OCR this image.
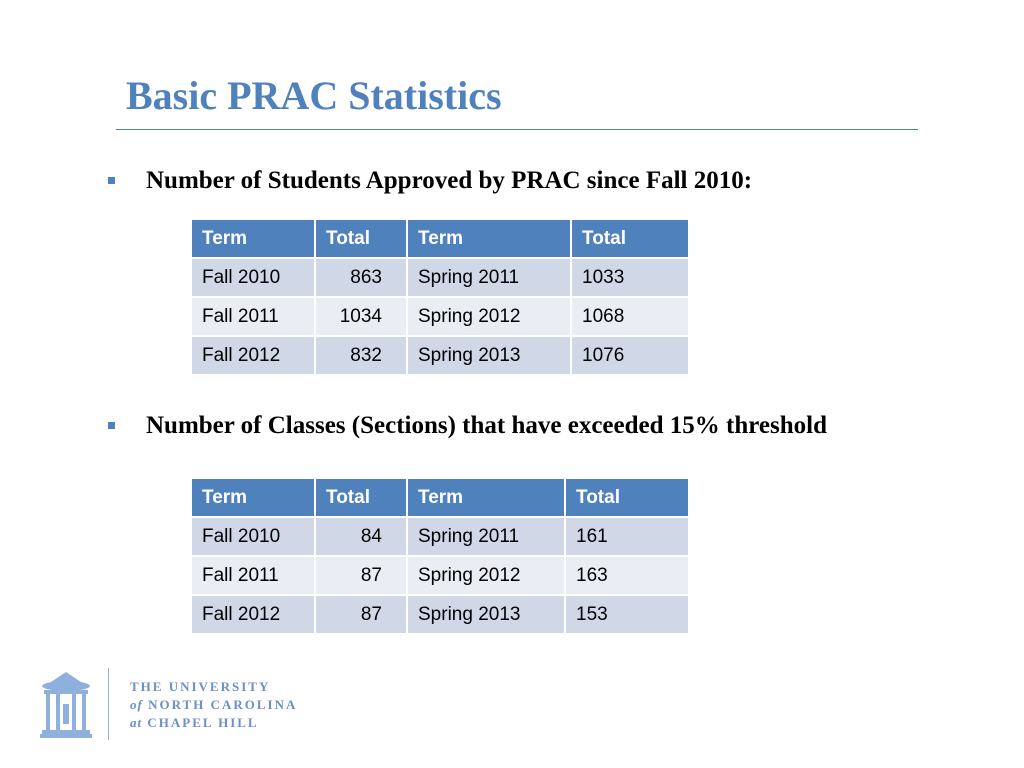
Basic PRAC Statistics
Number of Students Approved by PRAC since Fall 2010:
Term	Total	Term	Total
Fall 2010	863	Spring 2011	1033
Fall 2011	1034	Spring 2012	1068
Fall 2012	832	Spring 2013	1076
Number of Classes (Sections) that have exceeded 15% threshold
Term	Total	Term	Total
Fall 2010	84	Spring 2011	161
Fall 2011	87	Spring 2012	163
Fall 2012	87	Spring 2013	153
THE UNIVERSITY
of NORTH CAROLINA
at CHAPEL HILL
